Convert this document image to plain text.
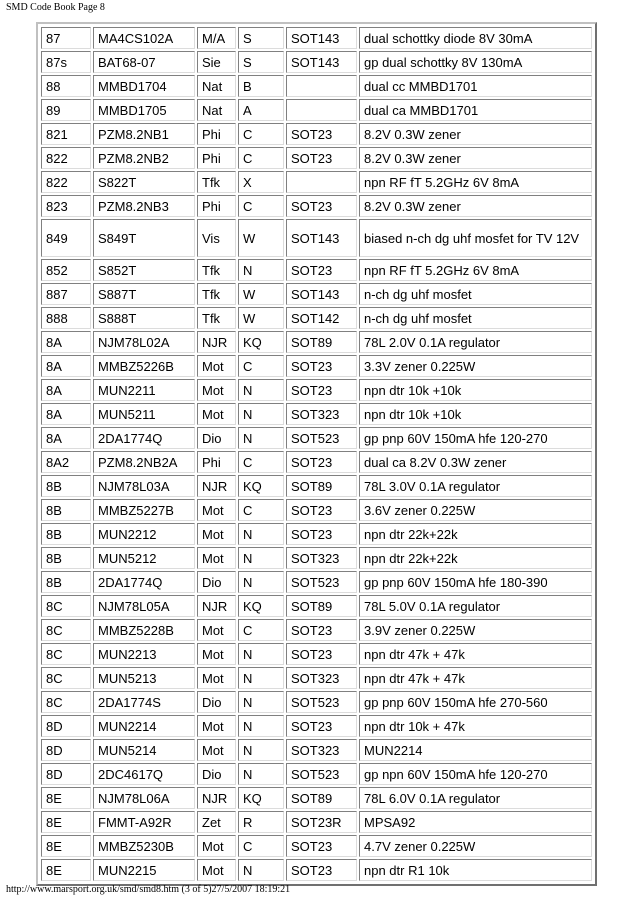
SMD Code Book Page 8
87	MA4CS102A	M/A	S	SOT143	dual schottky diode 8V 30mA
87s	BAT68-07	Sie	S	SOT143	gp dual schottky 8V 130mA
88	MMBD1704	Nat	B		dual cc MMBD1701
89	MMBD1705	Nat	A		dual ca MMBD1701
821	PZM8.2NB1	Phi	C	SOT23	8.2V 0.3W zener
822	PZM8.2NB2	Phi	C	SOT23	8.2V 0.3W zener
822	S822T	Tfk	X		npn RF fT 5.2GHz 6V 8mA
823	PZM8.2NB3	Phi	C	SOT23	8.2V 0.3W zener
849	S849T	Vis	W	SOT143	biased n-ch dg uhf mosfet for TV 12V
852	S852T	Tfk	N	SOT23	npn RF fT 5.2GHz 6V 8mA
887	S887T	Tfk	W	SOT143	n-ch dg uhf mosfet
888	S888T	Tfk	W	SOT142	n-ch dg uhf mosfet
8A	NJM78L02A	NJR	KQ	SOT89	78L 2.0V 0.1A regulator
8A	MMBZ5226B	Mot	C	SOT23	3.3V zener 0.225W
8A	MUN2211	Mot	N	SOT23	npn dtr 10k +10k
8A	MUN5211	Mot	N	SOT323	npn dtr 10k +10k
8A	2DA1774Q	Dio	N	SOT523	gp pnp 60V 150mA hfe 120-270
8A2	PZM8.2NB2A	Phi	C	SOT23	dual ca 8.2V 0.3W zener
8B	NJM78L03A	NJR	KQ	SOT89	78L 3.0V 0.1A regulator
8B	MMBZ5227B	Mot	C	SOT23	3.6V zener 0.225W
8B	MUN2212	Mot	N	SOT23	npn dtr 22k+22k
8B	MUN5212	Mot	N	SOT323	npn dtr 22k+22k
8B	2DA1774Q	Dio	N	SOT523	gp pnp 60V 150mA hfe 180-390
8C	NJM78L05A	NJR	KQ	SOT89	78L 5.0V 0.1A regulator
8C	MMBZ5228B	Mot	C	SOT23	3.9V zener 0.225W
8C	MUN2213	Mot	N	SOT23	npn dtr 47k + 47k
8C	MUN5213	Mot	N	SOT323	npn dtr 47k + 47k
8C	2DA1774S	Dio	N	SOT523	gp pnp 60V 150mA hfe 270-560
8D	MUN2214	Mot	N	SOT23	npn dtr 10k + 47k
8D	MUN5214	Mot	N	SOT323	MUN2214
8D	2DC4617Q	Dio	N	SOT523	gp npn 60V 150mA hfe 120-270
8E	NJM78L06A	NJR	KQ	SOT89	78L 6.0V 0.1A regulator
8E	FMMT-A92R	Zet	R	SOT23R	MPSA92
8E	MMBZ5230B	Mot	C	SOT23	4.7V zener 0.225W
8E	MUN2215	Mot	N	SOT23	npn dtr R1 10k
http://www.marsport.org.uk/smd/smd8.htm (3 of 5)27/5/2007 18:19:21
